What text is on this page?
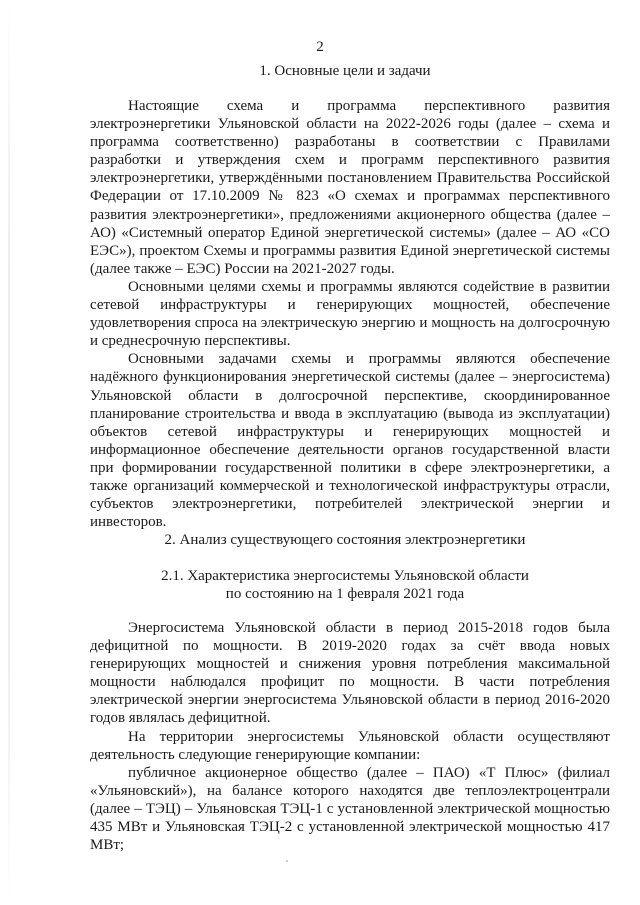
2
1. Основные цели и задачи

Настоящие схема и программа перспективного развития электроэнергетики Ульяновской области на 2022-2026 годы (далее – схема и программа соответственно) разработаны в соответствии с Правилами разработки и утверждения схем и программ перспективного развития электроэнергетики, утверждёнными постановлением Правительства Российской Федерации от 17.10.2009 № 823 «О схемах и программах перспективного развития электроэнергетики», предложениями акционерного общества (далее – АО) «Системный оператор Единой энергетической системы» (далее – АО «СО ЕЭС»), проектом Схемы и программы развития Единой энергетической системы (далее также – ЕЭС) России на 2021-2027 годы.

Основными целями схемы и программы являются содействие в развитии сетевой инфраструктуры и генерирующих мощностей, обеспечение удовлетворения спроса на электрическую энергию и мощность на долгосрочную и среднесрочную перспективы.

Основными задачами схемы и программы являются обеспечение надёжного функционирования энергетической системы (далее – энергосистема) Ульяновской области в долгосрочной перспективе, скоординированное планирование строительства и ввода в эксплуатацию (вывода из эксплуатации) объектов сетевой инфраструктуры и генерирующих мощностей и информационное обеспечение деятельности органов государственной власти при формировании государственной политики в сфере электроэнергетики, а также организаций коммерческой и технологической инфраструктуры отрасли, субъектов электроэнергетики, потребителей электрической энергии и инвесторов.

2. Анализ существующего состояния электроэнергетики
2.1. Характеристика энергосистемы Ульяновской области
по состоянию на 1 февраля 2021 года

Энергосистема Ульяновской области в период 2015-2018 годов была дефицитной по мощности. В 2019-2020 годах за счёт ввода новых генерирующих мощностей и снижения уровня потребления максимальной мощности наблюдался профицит по мощности. В части потребления электрической энергии энергосистема Ульяновской области в период 2016-2020 годов являлась дефицитной.

На территории энергосистемы Ульяновской области осуществляют деятельность следующие генерирующие компании:

публичное акционерное общество (далее – ПАО) «Т Плюс» (филиал «Ульяновский»), на балансе которого находятся две теплоэлектроцентрали (далее – ТЭЦ) – Ульяновская ТЭЦ-1 с установленной электрической мощностью 435 МВт и Ульяновская ТЭЦ-2 с установленной электрической мощностью 417 МВт;
